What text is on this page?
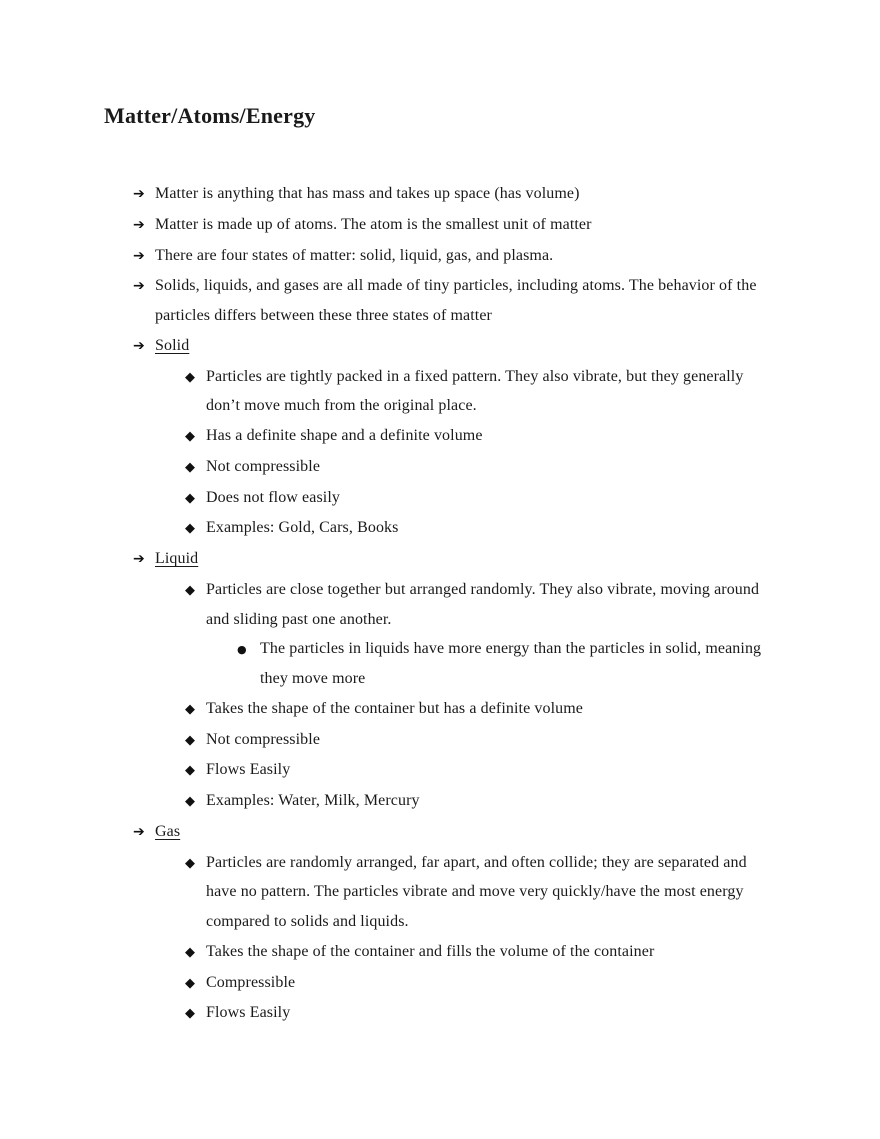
Matter/Atoms/Energy
➔ Matter is anything that has mass and takes up space (has volume)
➔ Matter is made up of atoms. The atom is the smallest unit of matter
➔ There are four states of matter: solid, liquid, gas, and plasma.
➔ Solids, liquids, and gases are all made of tiny particles, including atoms. The behavior of the particles differs between these three states of matter
➔ Solid
◆ Particles are tightly packed in a fixed pattern. They also vibrate, but they generally don’t move much from the original place.
◆ Has a definite shape and a definite volume
◆ Not compressible
◆ Does not flow easily
◆ Examples: Gold, Cars, Books
➔ Liquid
◆ Particles are close together but arranged randomly. They also vibrate, moving around and sliding past one another.
● The particles in liquids have more energy than the particles in solid, meaning they move more
◆ Takes the shape of the container but has a definite volume
◆ Not compressible
◆ Flows Easily
◆ Examples: Water, Milk, Mercury
➔ Gas
◆ Particles are randomly arranged, far apart, and often collide; they are separated and have no pattern. The particles vibrate and move very quickly/have the most energy compared to solids and liquids.
◆ Takes the shape of the container and fills the volume of the container
◆ Compressible
◆ Flows Easily
